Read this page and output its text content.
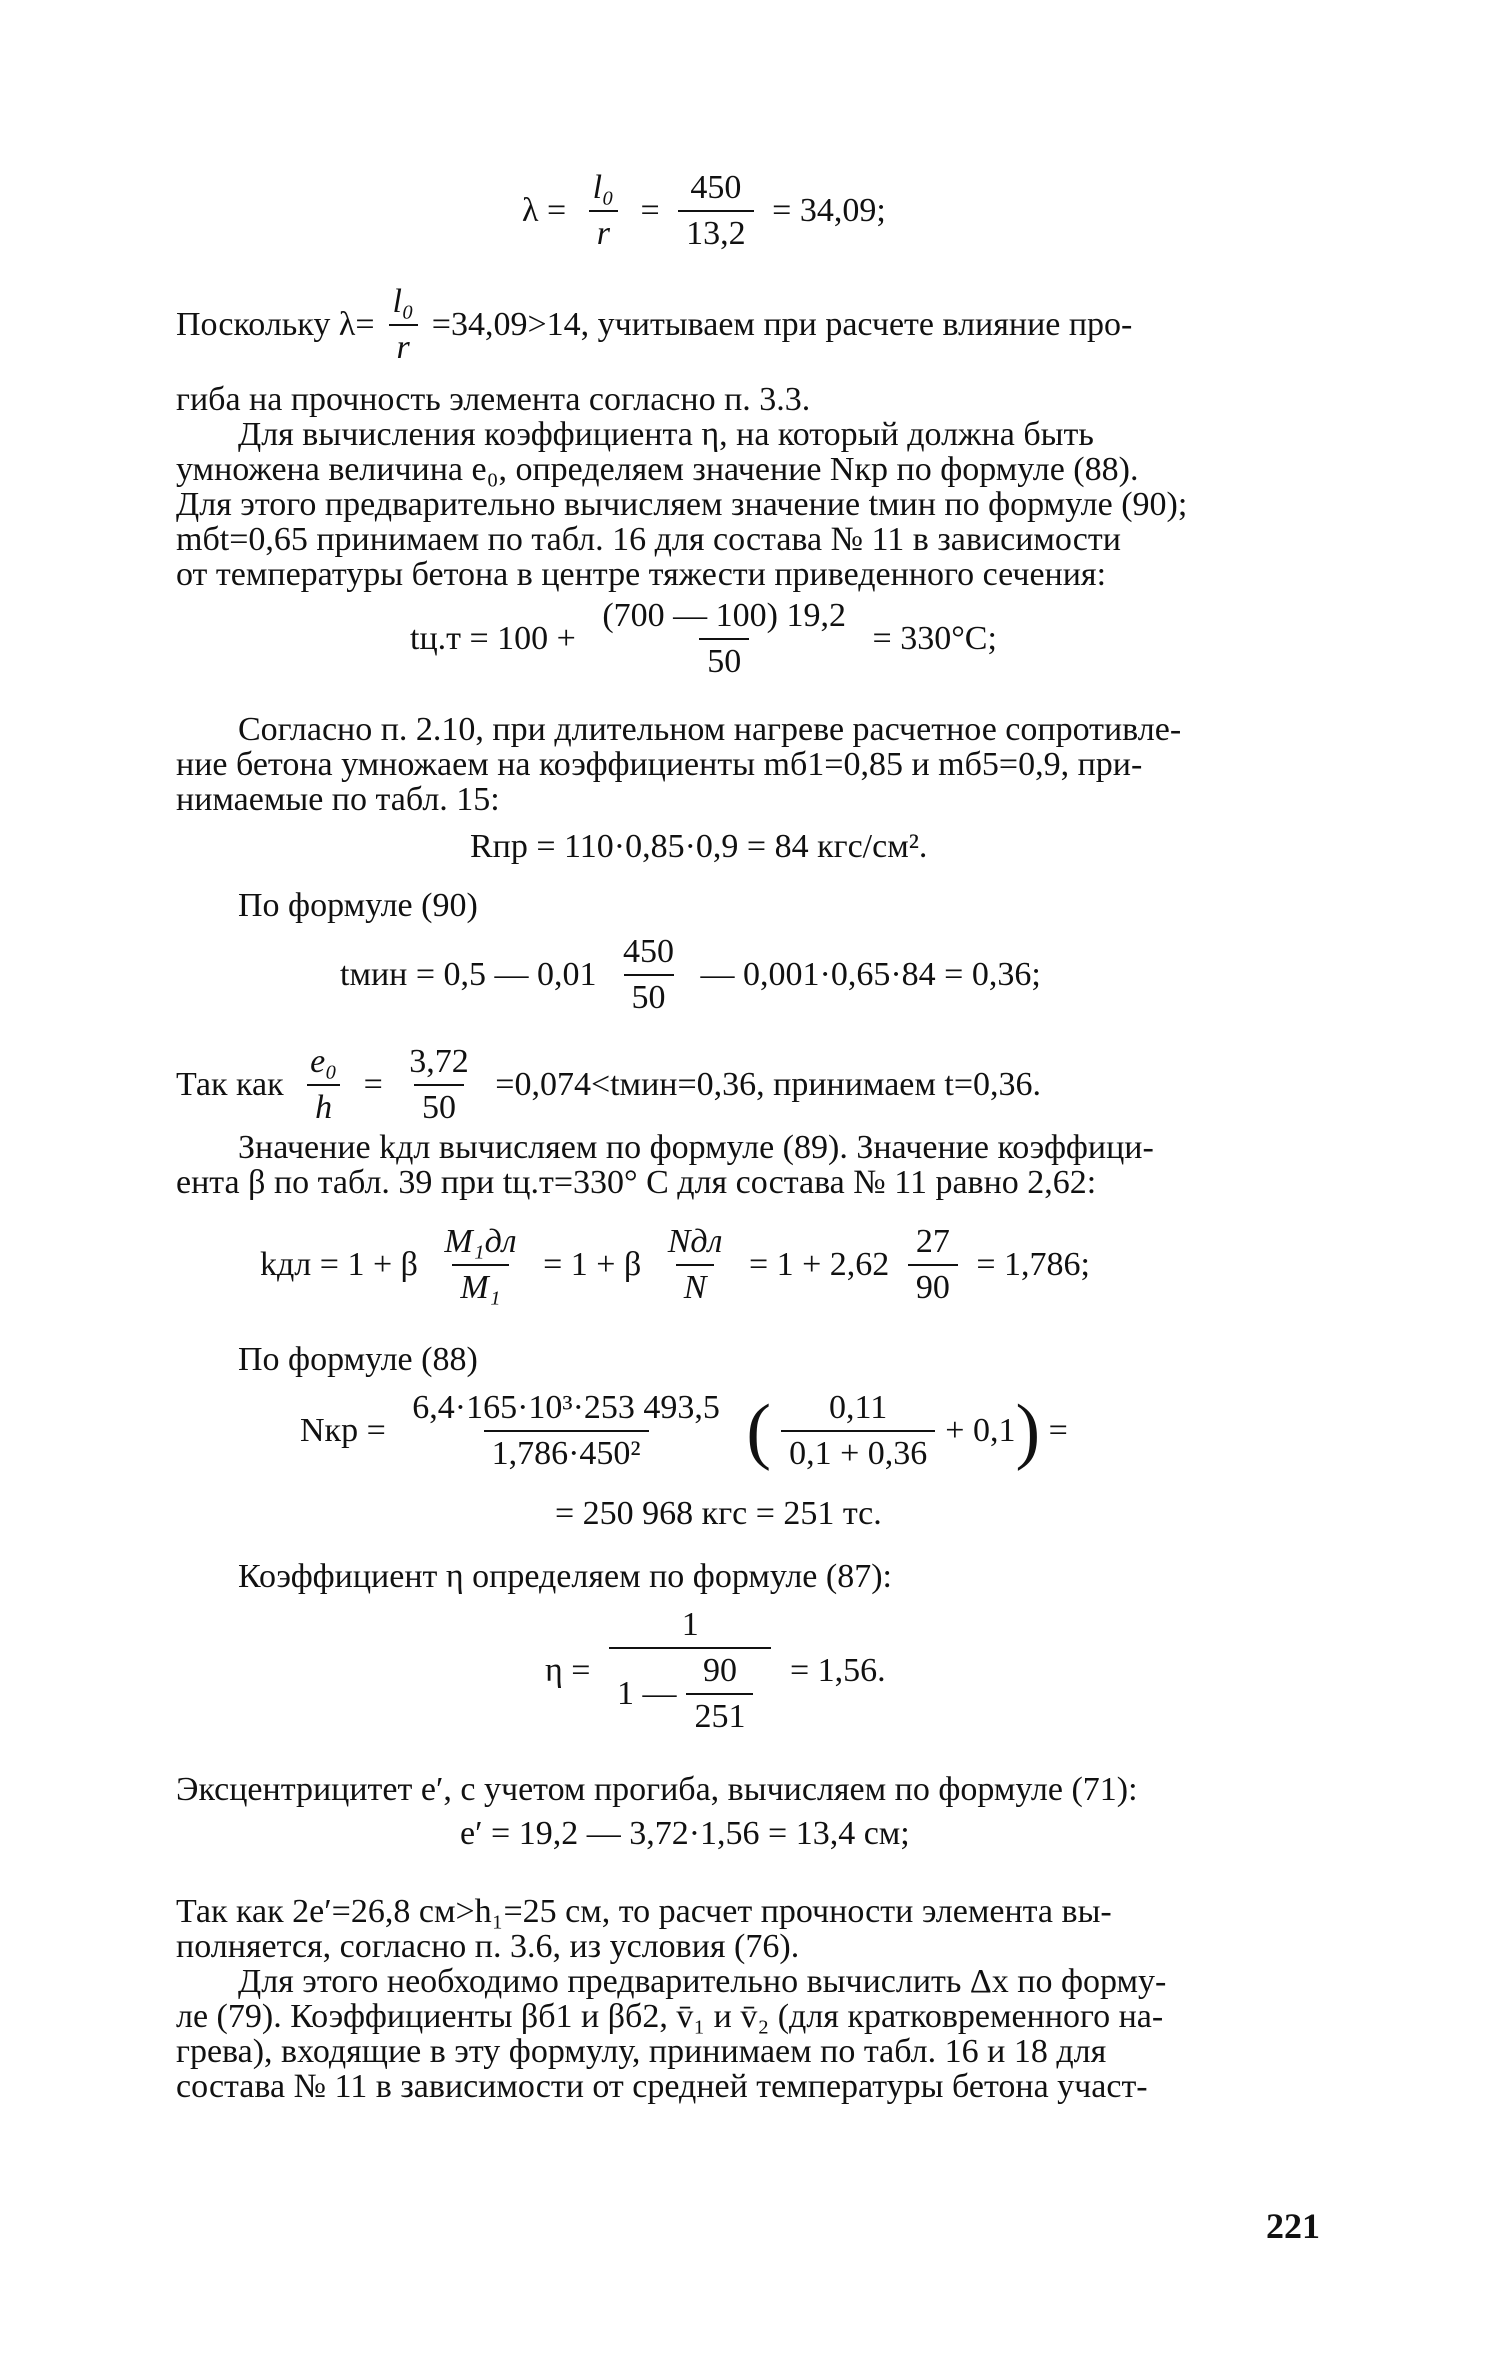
$\lambda = \frac{\text{l₀}}{r} = \frac{450}{13,2} = 34,09$;
Поскольку $\lambda= \frac{\text{l₀}}{r} =34,09>14$, учитываем при расчете влияние про-

гиба на прочность элемента согласно п. 3.3.

Для вычисления коэффициента η, на который должна быть

умножена величина e₀, определяем значение Nкр по формуле (88).

Для этого предварительно вычисляем значение tмин по формуле (90);

mбt=0,65 принимаем по табл. 16 для состава № 11 в зависимости

от температуры бетона в центре тяжести приведенного сечения:

$tц.т = 100 + \frac{(700 — 100) 19,2}{50} = 330^\circ C$;

Согласно п. 2.10, при длительном нагреве расчетное сопротивле-

ние бетона умножаем на коэффициенты mб1=0,85 и mб5=0,9, при-

нимаемые по табл. 15:

Rпр = 110·0,85·0,9 = 84 кгс/см².

По формуле (90)

tмин = 0,5 — $0,01 \frac{450}{50}$ — 0,001·0,65·84 = 0,36;
Так как $\frac{\text{e₀}}{h} = \frac{3,72}{50}$ =0,074<tмин=0,36, принимаем t=0,36.

Значение kдл вычисляем по формуле (89). Значение коэффици-

ента β по табл. 39 при tц.т=330° С для состава № 11 равно 2,62:

kдл = 1 + β $\frac{\text{M₁дл}}{\text{M₁}} = 1 + \beta \frac{\text{Nдл}}{N} = 1 + 2,62 \frac{27}{90} = 1,786$;

По формуле (88)

Nкр = $\frac{\text{6,4·165·10³·253 493,5}}{\text{1,786·450²}}$ ( $\frac{0,11}{0,1 + 0,36} + 0,1$) =
= 250 968 кгс = 251 тс.

Коэффициент η определяем по формуле (87):

$\eta = \frac{1}{1 — \frac{90}{251}} = 1,56$.

Эксцентрицитет e′, с учетом прогиба, вычисляем по формуле (71):

e′ = 19,2 — 3,72·1,56 = 13,4 см;

Так как 2e′=26,8 см>h₁=25 см, то расчет прочности элемента вы-

полняется, согласно п. 3.6, из условия (76).

Для этого необходимо предварительно вычислить Δx по форму-

ле (79). Коэффициенты βб1 и βб2, v̄₁ и v̄₂ (для кратковременного на-

грева), входящие в эту формулу, принимаем по табл. 16 и 18 для

состава № 11 в зависимости от средней температуры бетона участ-

221
